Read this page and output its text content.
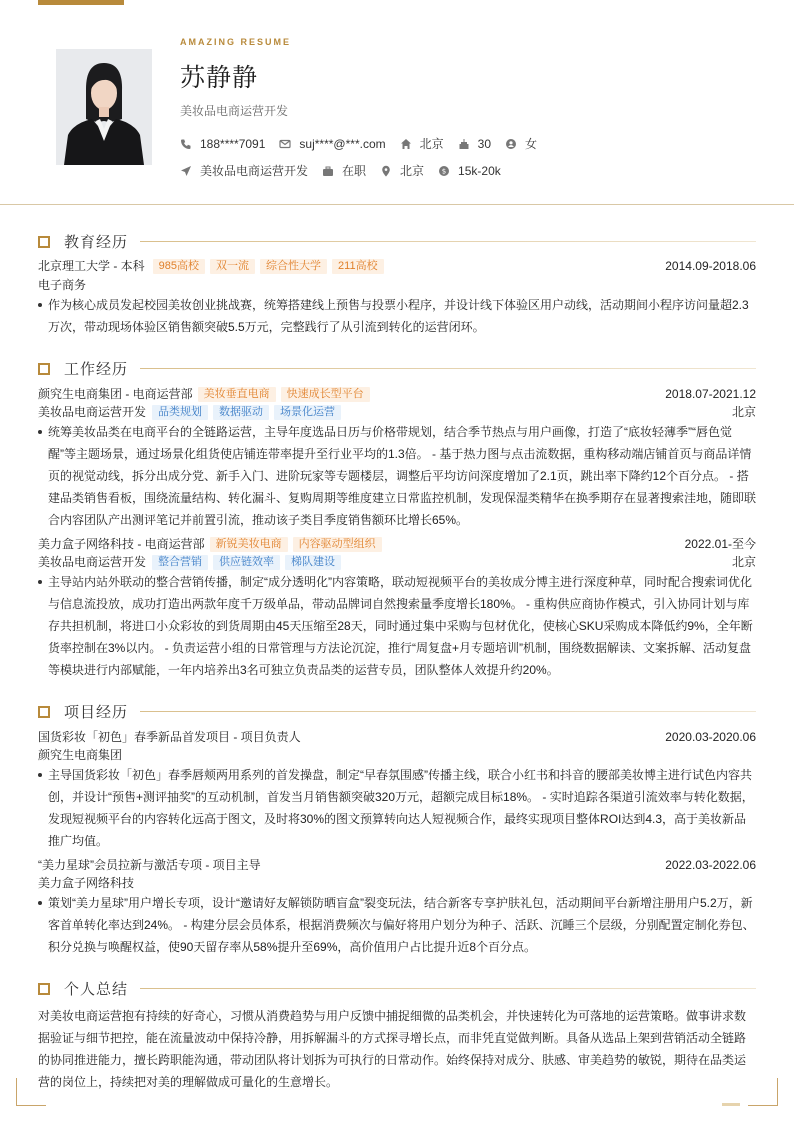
AMAZING RESUME
苏静静
美妆品电商运营开发
188****7091	suj****@***.com	北京	30	女
美妆品电商运营开发	在职	北京	$ 15k-20k
教育经历
北京理工大学 - 本科	985高校	双一流	综合性大学	211高校	2014.09-2018.06
电子商务
作为核心成员发起校园美妆创业挑战赛，统筹搭建线上预售与投票小程序，并设计线下体验区用户动线，活动期间小程序访问量超2.3万次，带动现场体验区销售额突破5.5万元，完整践行了从引流到转化的运营闭环。
工作经历
颜究生电商集团 - 电商运营部	美妆垂直电商	快速成长型平台	2018.07-2021.12
美妆品电商运营开发	品类规划	数据驱动	场景化运营	北京
统筹美妆品类在电商平台的全链路运营，主导年度选品日历与价格带规划，结合季节热点与用户画像，打造了“底妆轻薄季”“唇色觉醒”等主题场景，通过场景化组货使店铺连带率提升至行业平均的1.3倍。 - 基于热力图与点击流数据，重构移动端店铺首页与商品详情页的视觉动线，拆分出成分党、新手入门、进阶玩家等专题楼层，调整后平均访问深度增加了2.1页，跳出率下降约12个百分点。 - 搭建品类销售看板，围绕流量结构、转化漏斗、复购周期等维度建立日常监控机制，发现保湿类精华在换季期存在显著搜索洼地，随即联合内容团队产出测评笔记并前置引流，推动该子类目季度销售额环比增长65%。
美力盒子网络科技 - 电商运营部	新锐美妆电商	内容驱动型组织	2022.01-至今
美妆品电商运营开发	整合营销	供应链效率	梯队建设	北京
主导站内站外联动的整合营销传播，制定“成分透明化”内容策略，联动短视频平台的美妆成分博主进行深度种草，同时配合搜索词优化与信息流投放，成功打造出两款年度千万级单品，带动品牌词自然搜索量季度增长180%。 - 重构供应商协作模式，引入协同计划与库存共担机制，将进口小众彩妆的到货周期由45天压缩至28天，同时通过集中采购与包材优化，使核心SKU采购成本降低约9%，全年断货率控制在3%以内。 - 负责运营小组的日常管理与方法论沉淀，推行“周复盘+月专题培训”机制，围绕数据解读、文案拆解、活动复盘等模块进行内部赋能，一年内培养出3名可独立负责品类的运营专员，团队整体人效提升约20%。
项目经历
国货彩妆「初色」春季新品首发项目 - 项目负责人	2020.03-2020.06
颜究生电商集团
主导国货彩妆「初色」春季唇颊两用系列的首发操盘，制定“早春氛围感”传播主线，联合小红书和抖音的腰部美妆博主进行试色内容共创，并设计“预售+测评抽奖”的互动机制，首发当月销售额突破320万元，超额完成目标18%。 - 实时追踪各渠道引流效率与转化数据，发现短视频平台的内容转化远高于图文，及时将30%的图文预算转向达人短视频合作，最终实现项目整体ROI达到4.3，高于美妆新品推广均值。
“美力星球”会员拉新与激活专项 - 项目主导	2022.03-2022.06
美力盒子网络科技
策划“美力星球”用户增长专项，设计“邀请好友解锁防晒盲盒”裂变玩法，结合新客专享护肤礼包，活动期间平台新增注册用户5.2万，新客首单转化率达到24%。 - 构建分层会员体系，根据消费频次与偏好将用户划分为种子、活跃、沉睡三个层级，分别配置定制化券包、积分兑换与唤醒权益，使90天留存率从58%提升至69%，高价值用户占比提升近8个百分点。
个人总结
对美妆电商运营抱有持续的好奇心，习惯从消费趋势与用户反馈中捕捉细微的品类机会，并快速转化为可落地的运营策略。做事讲求数据验证与细节把控，能在流量波动中保持冷静，用拆解漏斗的方式探寻增长点，而非凭直觉做判断。具备从选品上架到营销活动全链路的协同推进能力，擅长跨职能沟通，带动团队将计划拆为可执行的日常动作。始终保持对成分、肤感、审美趋势的敏锐，期待在品类运营的岗位上，持续把对美的理解做成可量化的生意增长。
